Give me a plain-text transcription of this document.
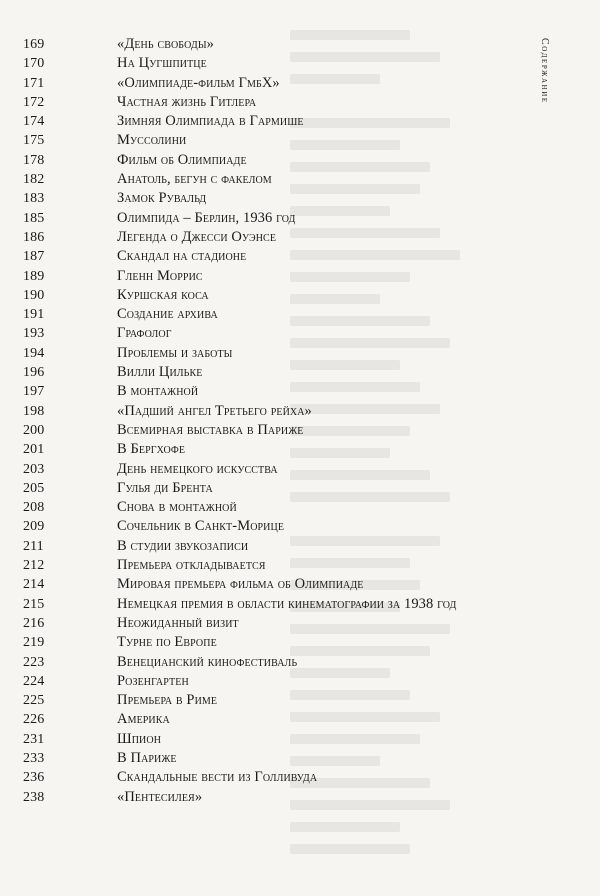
Содержание
169	«День свободы»
170	На Цугшпитце
171	«Олимпиаде-фильм ГмбХ»
172	Частная жизнь Гитлера
174	Зимняя Олимпиада в Гармише
175	Муссолини
178	Фильм об Олимпиаде
182	Анатоль, бегун с факелом
183	Замок Рувальд
185	Олимпида – Берлин, 1936 год
186	Легенда о Джесси Оуэнсе
187	Скандал на стадионе
189	Гленн Моррис
190	Куршская коса
191	Создание архива
193	Графолог
194	Проблемы и заботы
196	Вилли Цильке
197	В монтажной
198	«Падший ангел Третьего рейха»
200	Всемирная выставка в Париже
201	В Бергхофе
203	День немецкого искусства
205	Гулья ди Брента
208	Снова в монтажной
209	Сочельник в Санкт-Морице
211	В студии звукозаписи
212	Премьера откладывается
214	Мировая премьера фильма об Олимпиаде
215	Немецкая премия в области кинематографии за 1938 год
216	Неожиданный визит
219	Турне по Европе
223	Венецианский кинофестиваль
224	Розенгартен
225	Премьера в Риме
226	Америка
231	Шпион
233	В Париже
236	Скандальные вести из Голливуда
238	«Пентесилея»
